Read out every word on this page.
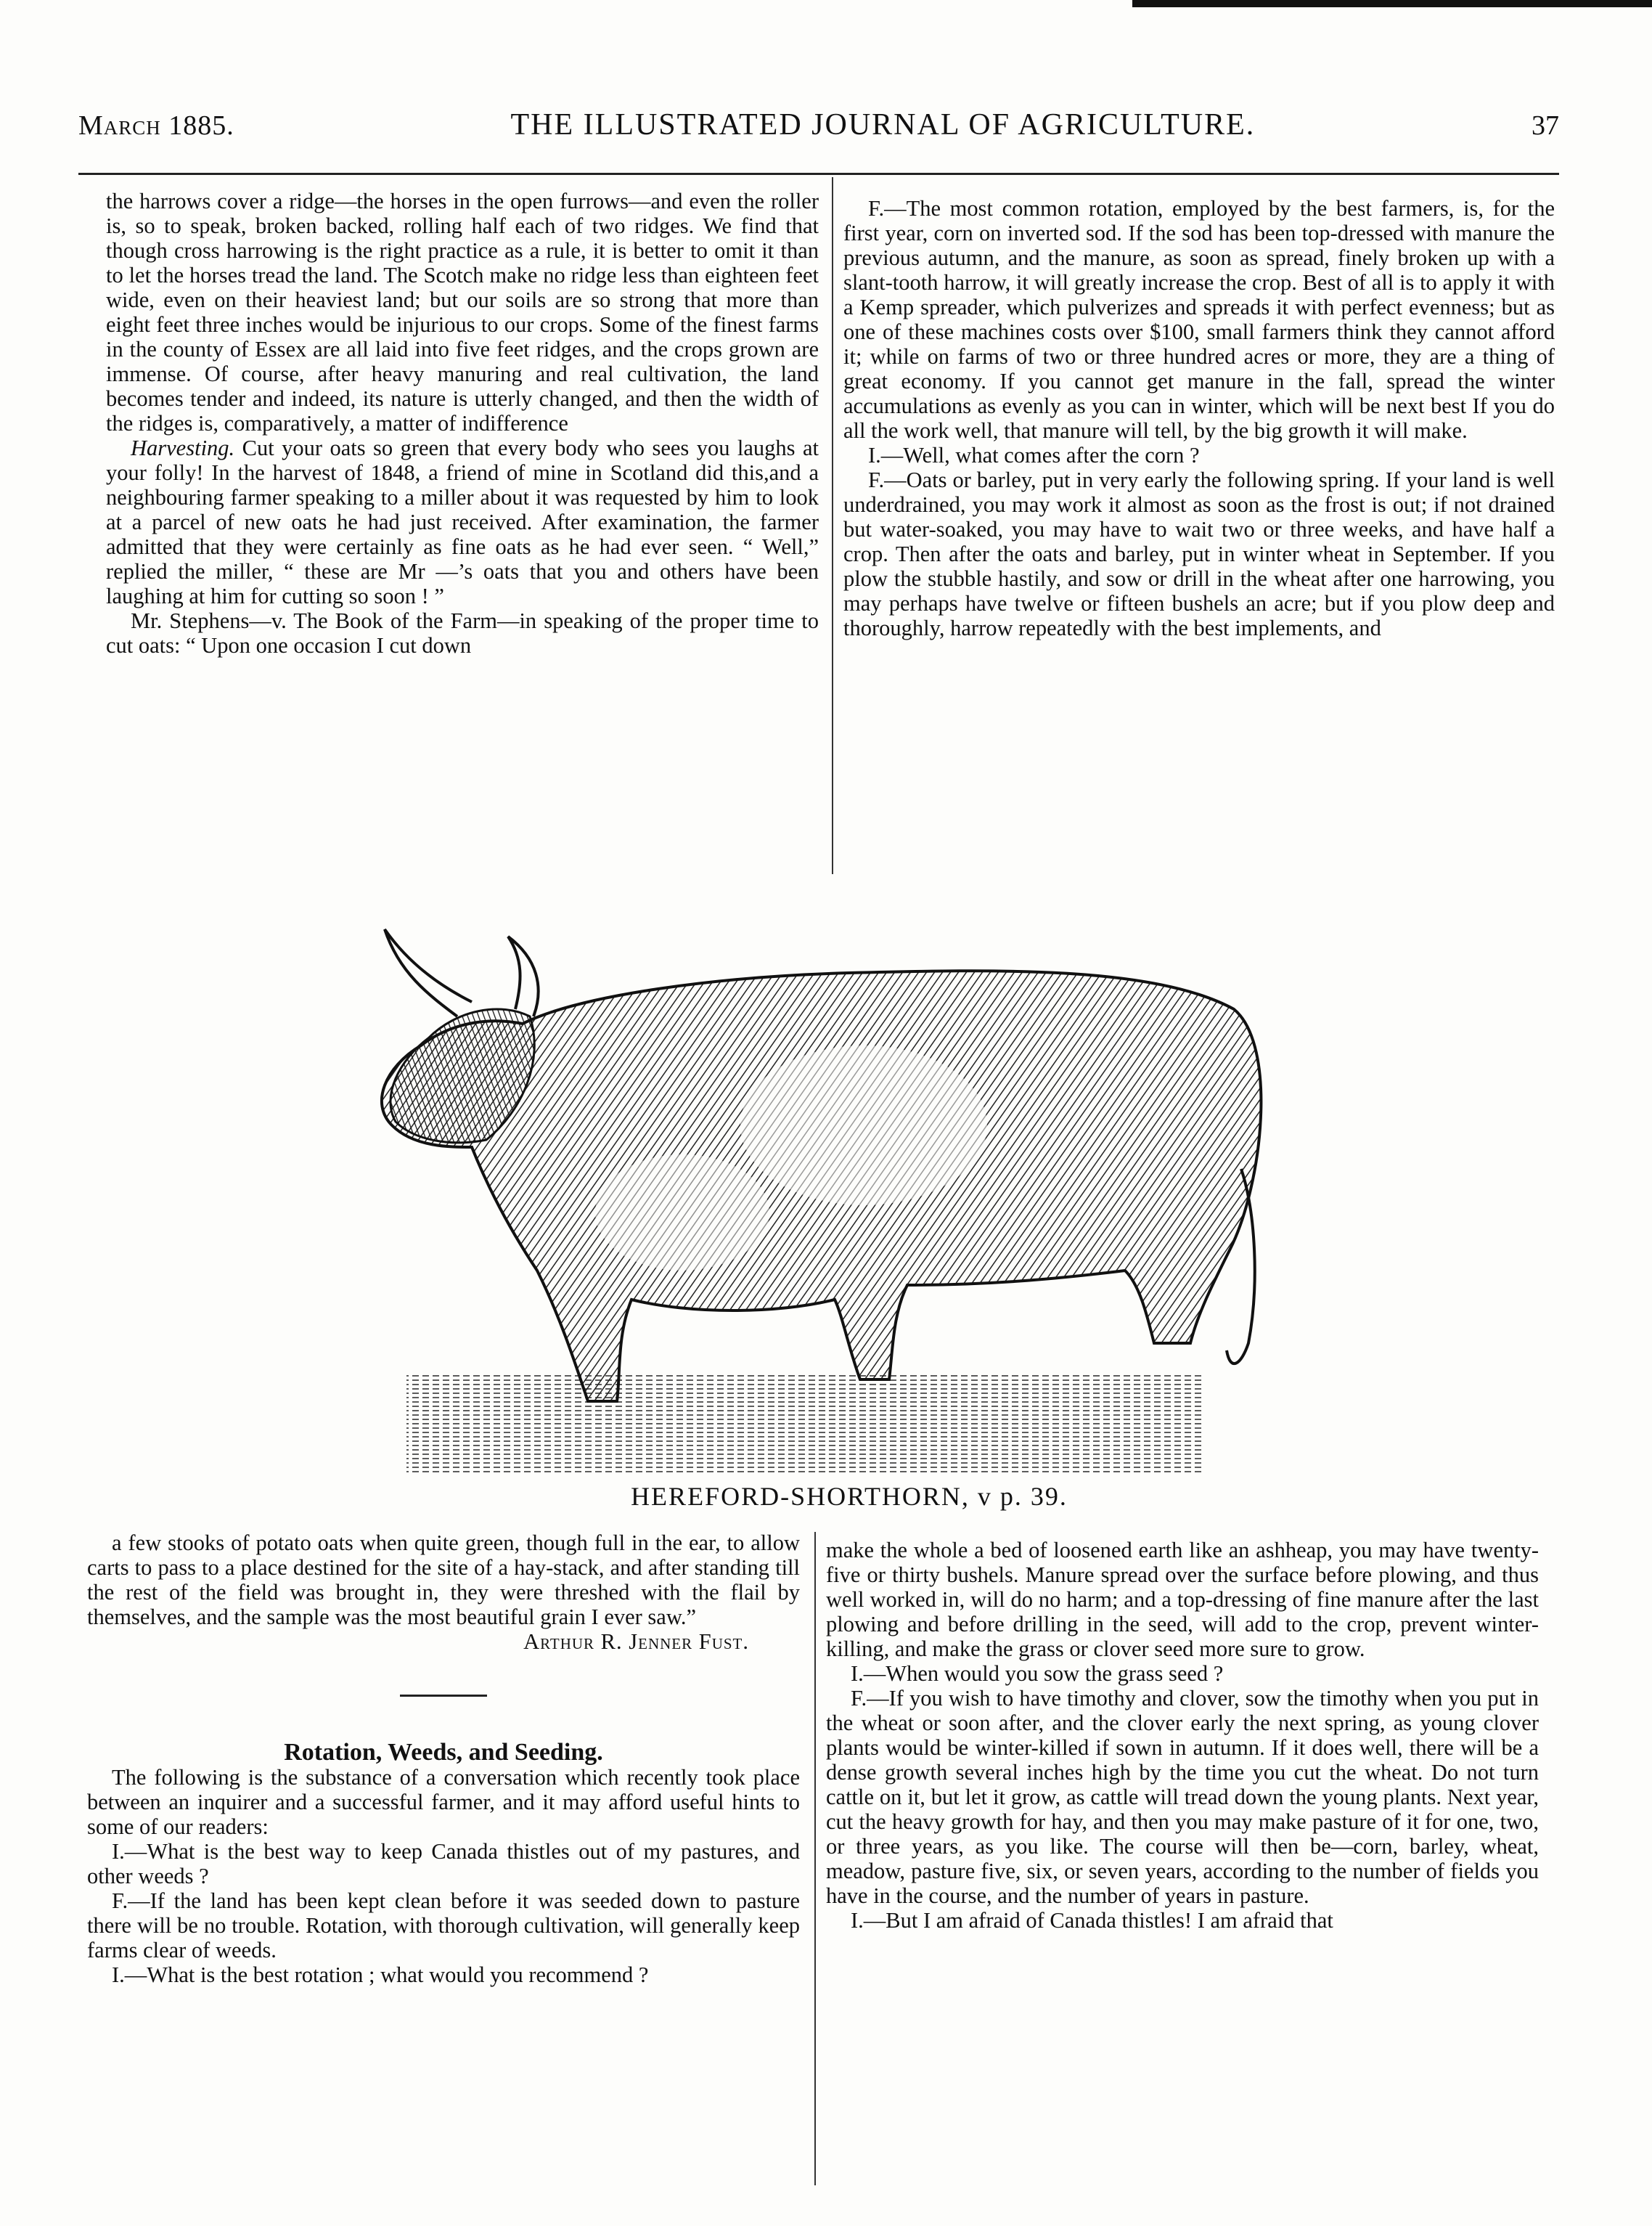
March 1885.	THE ILLUSTRATED JOURNAL OF AGRICULTURE.	37

the harrows cover a ridge—the horses in the open furrows—and even the roller is, so to speak, broken backed, rolling half each of two ridges. We find that though cross harrowing is the right practice as a rule, it is better to omit it than to let the horses tread the land. The Scotch make no ridge less than eighteen feet wide, even on their heaviest land; but our soils are so strong that more than eight feet three inches would be injurious to our crops. Some of the finest farms in the county of Essex are all laid into five feet ridges, and the crops grown are immense. Of course, after heavy manuring and real cultivation, the land becomes tender and indeed, its nature is utterly changed, and then the width of the ridges is, comparatively, a matter of indifference

Harvesting. Cut your oats so green that every body who sees you laughs at your folly! In the harvest of 1848, a friend of mine in Scotland did this,and a neighbouring farmer speaking to a miller about it was requested by him to look at a parcel of new oats he had just received. After examination, the farmer admitted that they were certainly as fine oats as he had ever seen. “ Well,” replied the miller, “ these are Mr —’s oats that you and others have been laughing at him for cutting so soon ! ”

Mr. Stephens—v. The Book of the Farm—in speaking of the proper time to cut oats: “ Upon one occasion I cut down

F.—The most common rotation, employed by the best farmers, is, for the first year, corn on inverted sod. If the sod has been top-dressed with manure the previous autumn, and the manure, as soon as spread, finely broken up with a slant-tooth harrow, it will greatly increase the crop. Best of all is to apply it with a Kemp spreader, which pulverizes and spreads it with perfect evenness; but as one of these machines costs over $100, small farmers think they cannot afford it; while on farms of two or three hundred acres or more, they are a thing of great economy. If you cannot get manure in the fall, spread the winter accumulations as evenly as you can in winter, which will be next best If you do all the work well, that manure will tell, by the big growth it will make.

I.—Well, what comes after the corn ?

F.—Oats or barley, put in very early the following spring. If your land is well underdrained, you may work it almost as soon as the frost is out; if not drained but water-soaked, you may have to wait two or three weeks, and have half a crop. Then after the oats and barley, put in winter wheat in September. If you plow the stubble hastily, and sow or drill in the wheat after one harrowing, you may perhaps have twelve or fifteen bushels an acre; but if you plow deep and thoroughly, harrow repeatedly with the best implements, and

HEREFORD-SHORTHORN, v p. 39.

a few stooks of potato oats when quite green, though full in the ear, to allow carts to pass to a place destined for the site of a hay-stack, and after standing till the rest of the field was brought in, they were threshed with the flail by themselves, and the sample was the most beautiful grain I ever saw.”

Arthur R. Jenner Fust.

Rotation, Weeds, and Seeding.

The following is the substance of a conversation which recently took place between an inquirer and a successful farmer, and it may afford useful hints to some of our readers:

I.—What is the best way to keep Canada thistles out of my pastures, and other weeds ?

F.—If the land has been kept clean before it was seeded down to pasture there will be no trouble. Rotation, with thorough cultivation, will generally keep farms clear of weeds.

I.—What is the best rotation ; what would you recommend ?

make the whole a bed of loosened earth like an ashheap, you may have twenty-five or thirty bushels. Manure spread over the surface before plowing, and thus well worked in, will do no harm; and a top-dressing of fine manure after the last plowing and before drilling in the seed, will add to the crop, prevent winter-killing, and make the grass or clover seed more sure to grow.

I.—When would you sow the grass seed ?

F.—If you wish to have timothy and clover, sow the timothy when you put in the wheat or soon after, and the clover early the next spring, as young clover plants would be winter-killed if sown in autumn. If it does well, there will be a dense growth several inches high by the time you cut the wheat. Do not turn cattle on it, but let it grow, as cattle will tread down the young plants. Next year, cut the heavy growth for hay, and then you may make pasture of it for one, two, or three years, as you like. The course will then be—corn, barley, wheat, meadow, pasture five, six, or seven years, according to the number of fields you have in the course, and the number of years in pasture.

I.—But I am afraid of Canada thistles! I am afraid that
